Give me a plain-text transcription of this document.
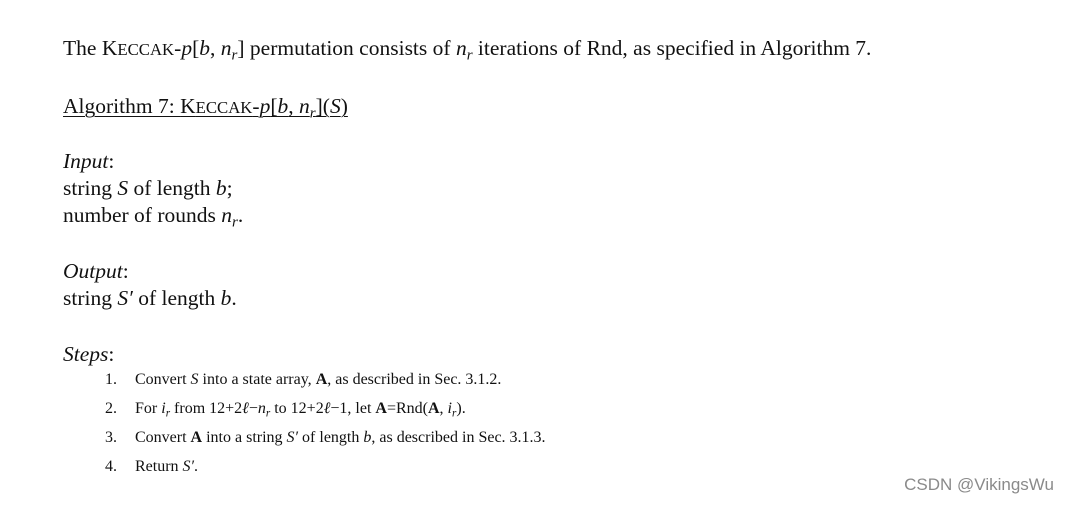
The KECCAK-p[b, $n_r$] permutation consists of $n_r$ iterations of Rnd, as specified in Algorithm 7.
Algorithm 7: KECCAK-p[b, $n_r](S)$
Input:
string S of length b;
number of rounds $n_r$.
Output:
string S′ of length b.
Steps:
1. Convert S into a state array, A, as described in Sec. 3.1.2.
2. For $i_r$ from $12+2\ell-n_r$ to 12+2ℓ−1, let A=Rnd(A, $i_r$).
3. Convert A into a string S′ of length b, as described in Sec. 3.1.3.
4. Return S′.
CSDN @VikingsWu
